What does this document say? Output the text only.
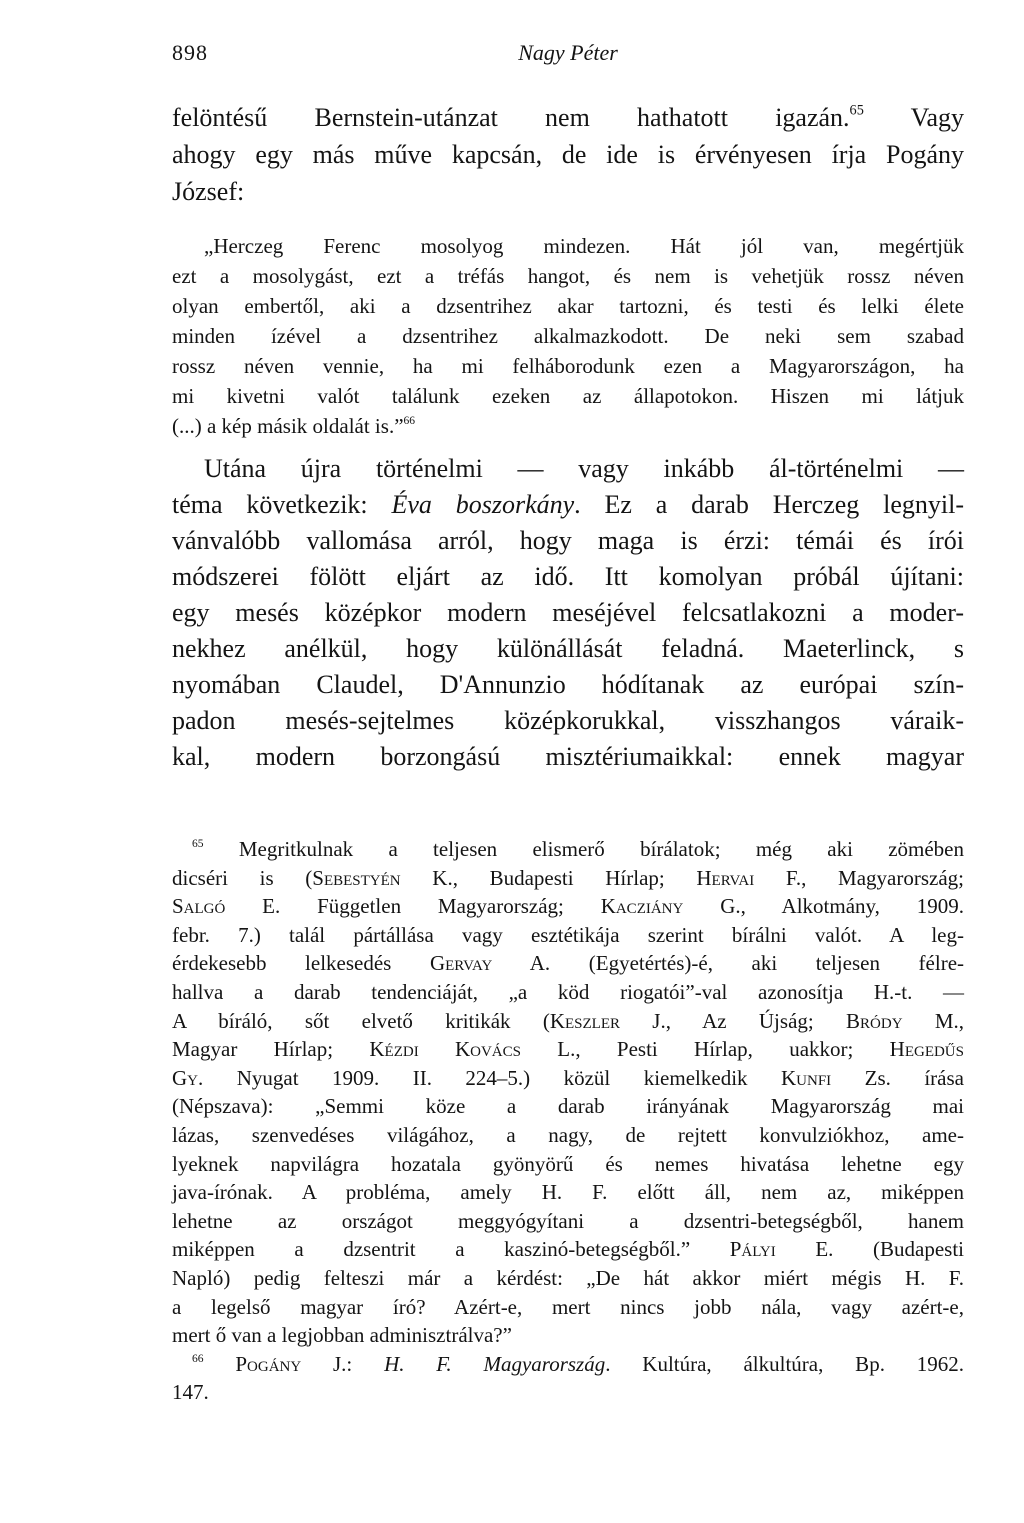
898	Nagy Péter
felöntésű Bernstein-utánzat nem hathatott igazán.$^{65}$ Vagy
ahogy egy más műve kapcsán, de ide is érvényesen írja Pogány
József:
„Herczeg Ferenc mosolyog mindezen. Hát jól van, megértjük
ezt a mosolygást, ezt a tréfás hangot, és nem is vehetjük rossz néven
olyan embertől, aki a dzsentrihez akar tartozni, és testi és lelki élete
minden ízével a dzsentrihez alkalmazkodott. De neki sem szabad
rossz néven vennie, ha mi felháborodunk ezen a Magyarországon, ha
mi kivetni valót találunk ezeken az állapotokon. Hiszen mi látjuk
(...) a kép másik oldalát is.”$^{66}$
Utána újra történelmi — vagy inkább ál-történelmi —
téma következik: Éva boszorkány. Ez a darab Herczeg legnyil-
vánvalóbb vallomása arról, hogy maga is érzi: témái és írói
módszerei fölött eljárt az idő. Itt komolyan próbál újítani:
egy mesés középkor modern meséjével felcsatlakozni a moder-
nekhez anélkül, hogy különállását feladná. Maeterlinck, s
nyomában Claudel, D'Annunzio hódítanak az európai szín-
padon mesés-sejtelmes középkorukkal, visszhangos váraik-
kal, modern borzongású misztériumaikkal: ennek magyar
$^{65}$ Megritkulnak a teljesen elismerő bírálatok; még aki zömében
dicséri is (Sebestyén K., Budapesti Hírlap; Hervai F., Magyarország;
Salgó E. Független Magyarország; Kacziány G., Alkotmány, 1909.
febr. 7.) talál pártállása vagy esztétikája szerint bírálni valót. A leg-
érdekesebb lelkesedés Gervay A. (Egyetértés)-é, aki teljesen félre-
hallva a darab tendenciáját, „a köd riogatói”-val azonosítja H.-t. —
A bíráló, sőt elvető kritikák (Keszler J., Az Újság; Bródy M.,
Magyar Hírlap; Kézdi Kovács L., Pesti Hírlap, uakkor; Hegedűs
Gy. Nyugat 1909. II. 224–5.) közül kiemelkedik Kunfi Zs. írása
(Népszava): „Semmi köze a darab irányának Magyarország mai
lázas, szenvedéses világához, a nagy, de rejtett konvulziókhoz, ame-
lyeknek napvilágra hozatala gyönyörű és nemes hivatása lehetne egy
java-írónak. A probléma, amely H. F. előtt áll, nem az, miképpen
lehetne az országot meggyógyítani a dzsentri-betegségből, hanem
miképpen a dzsentrit a kaszinó-betegségből.” Pályi E. (Budapesti
Napló) pedig felteszi már a kérdést: „De hát akkor miért mégis H. F.
a legelső magyar író? Azért-e, mert nincs jobb nála, vagy azért-e,
mert ő van a legjobban adminisztrálva?”
$^{66}$ Pogány J.: H. F. Magyarország. Kultúra, álkultúra, Bp. 1962.
147.
